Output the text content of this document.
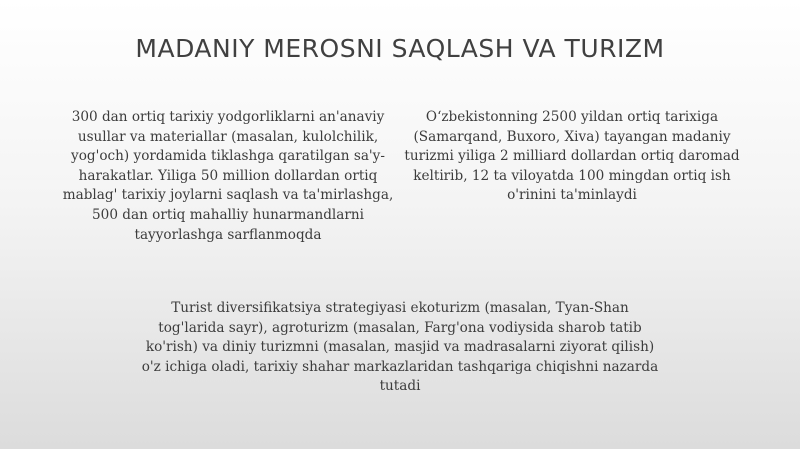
MADANIY MEROSNI SAQLASH VA TURIZM
300 dan ortiq tarixiy yodgorliklarni an'anaviy usullar va materiallar (masalan, kulolchilik, yog'och) yordamida tiklashga qaratilgan sa'y-harakatlar. Yiliga 50 million dollardan ortiq mablag' tarixiy joylarni saqlash va ta'mirlashga, 500 dan ortiq mahalliy hunarmandlarni tayyorlashga sarflanmoqda
O‘zbekistonning 2500 yildan ortiq tarixiga (Samarqand, Buxoro, Xiva) tayangan madaniy turizmi yiliga 2 milliard dollardan ortiq daromad keltirib, 12 ta viloyatda 100 mingdan ortiq ish o'rinini ta'minlaydi
Turist diversifikatsiya strategiyasi ekoturizm (masalan, Tyan-Shan tog'larida sayr), agroturizm (masalan, Farg'ona vodiysida sharob tatib ko'rish) va diniy turizmni (masalan, masjid va madrasalarni ziyorat qilish) o'z ichiga oladi, tarixiy shahar markazlaridan tashqariga chiqishni nazarda tutadi
